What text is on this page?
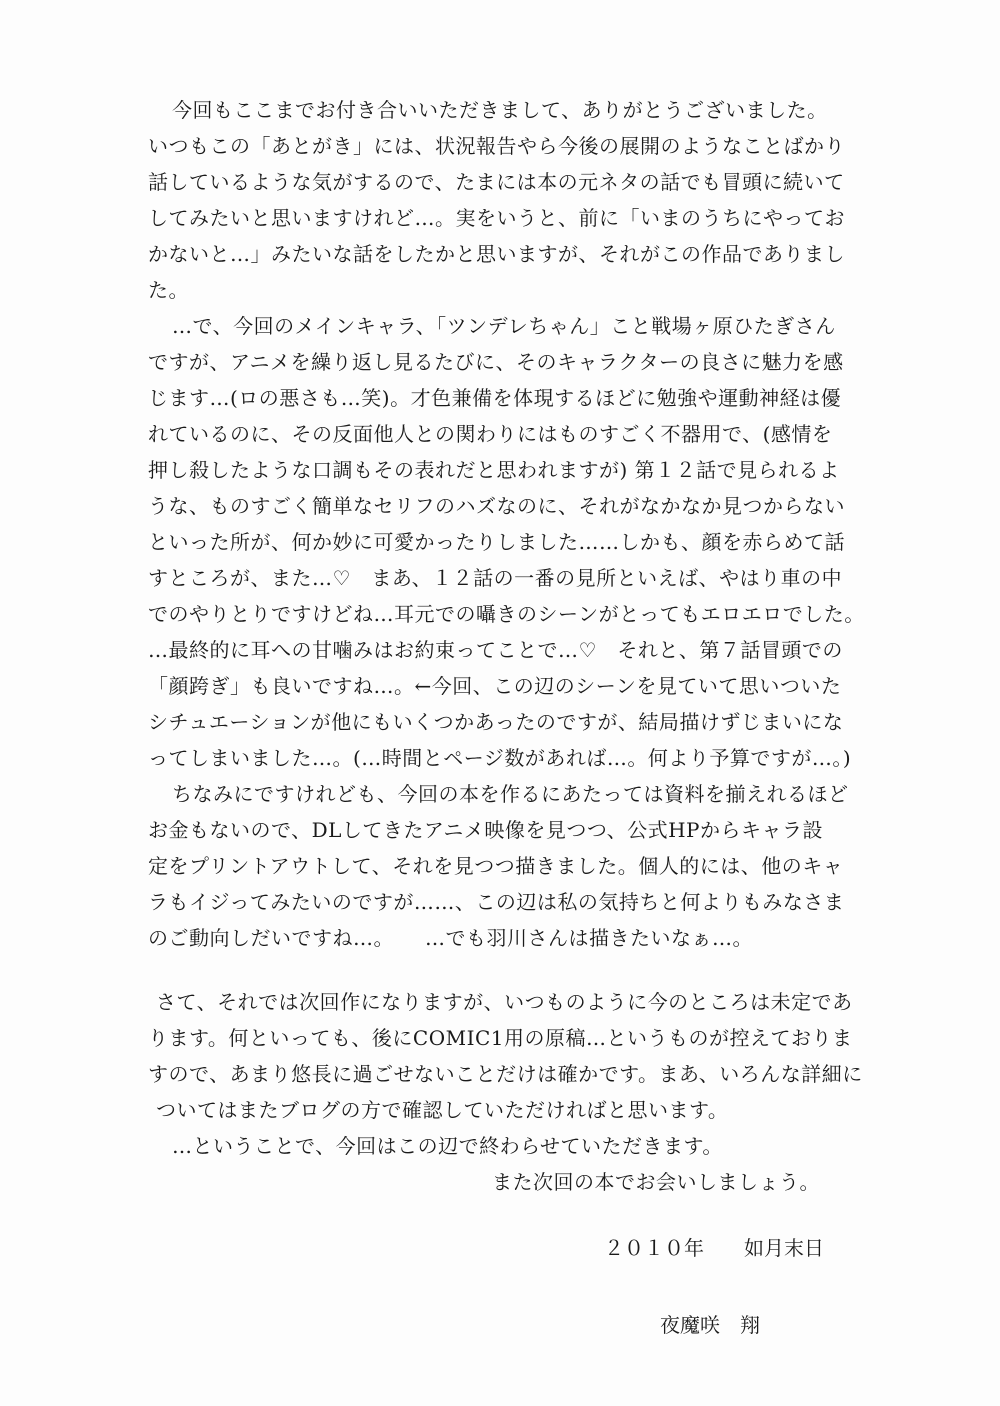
今回もここまでお付き合いいただきまして、ありがとうございました。
いつもこの「あとがき」には、状況報告やら今後の展開のようなことばかり
話しているような気がするので、たまには本の元ネタの話でも冒頭に続いて
してみたいと思いますけれど…。実をいうと、前に「いまのうちにやってお
かないと…」みたいな話をしたかと思いますが、それがこの作品でありまし
た。
…で、今回のメインキャラ、「ツンデレちゃん」こと戦場ヶ原ひたぎさん
ですが、アニメを繰り返し見るたびに、そのキャラクターの良さに魅力を感
じます…(ロの悪さも…笑)。才色兼備を体現するほどに勉強や運動神経は優
れているのに、その反面他人との関わりにはものすごく不器用で、(感情を
押し殺したような口調もその表れだと思われますが) 第１２話で見られるよ
うな、ものすごく簡単なセリフのハズなのに、それがなかなか見つからない
といった所が、何か妙に可愛かったりしました……しかも、顔を赤らめて話
すところが、また…♡　まあ、１２話の一番の見所といえば、やはり車の中
でのやりとりですけどね…耳元での囁きのシーンがとってもエロエロでした。
…最終的に耳への甘噛みはお約束ってことで…♡　それと、第７話冒頭での
「顔跨ぎ」も良いですね…。←今回、この辺のシーンを見ていて思いついた
シチュエーションが他にもいくつかあったのですが、結局描けずじまいにな
ってしまいました…。(…時間とページ数があれば…。何より予算ですが…。)
ちなみにですけれども、今回の本を作るにあたっては資料を揃えれるほど
お金もないので、DLしてきたアニメ映像を見つつ、公式HPからキャラ設
定をプリントアウトして、それを見つつ描きました。個人的には、他のキャ
ラもイジってみたいのですが……、この辺は私の気持ちと何よりもみなさま
のご動向しだいですね…。　　…でも羽川さんは描きたいなぁ…。
さて、それでは次回作になりますが、いつものように今のところは未定であ
ります。何といっても、後にCOMIC1用の原稿…というものが控えておりま
すので、あまり悠長に過ごせないことだけは確かです。まあ、いろんな詳細に
ついてはまたブログの方で確認していただければと思います。
…ということで、今回はこの辺で終わらせていただきます。
また次回の本でお会いしましょう。
２０１０年　　如月末日
夜魔咲　翔
